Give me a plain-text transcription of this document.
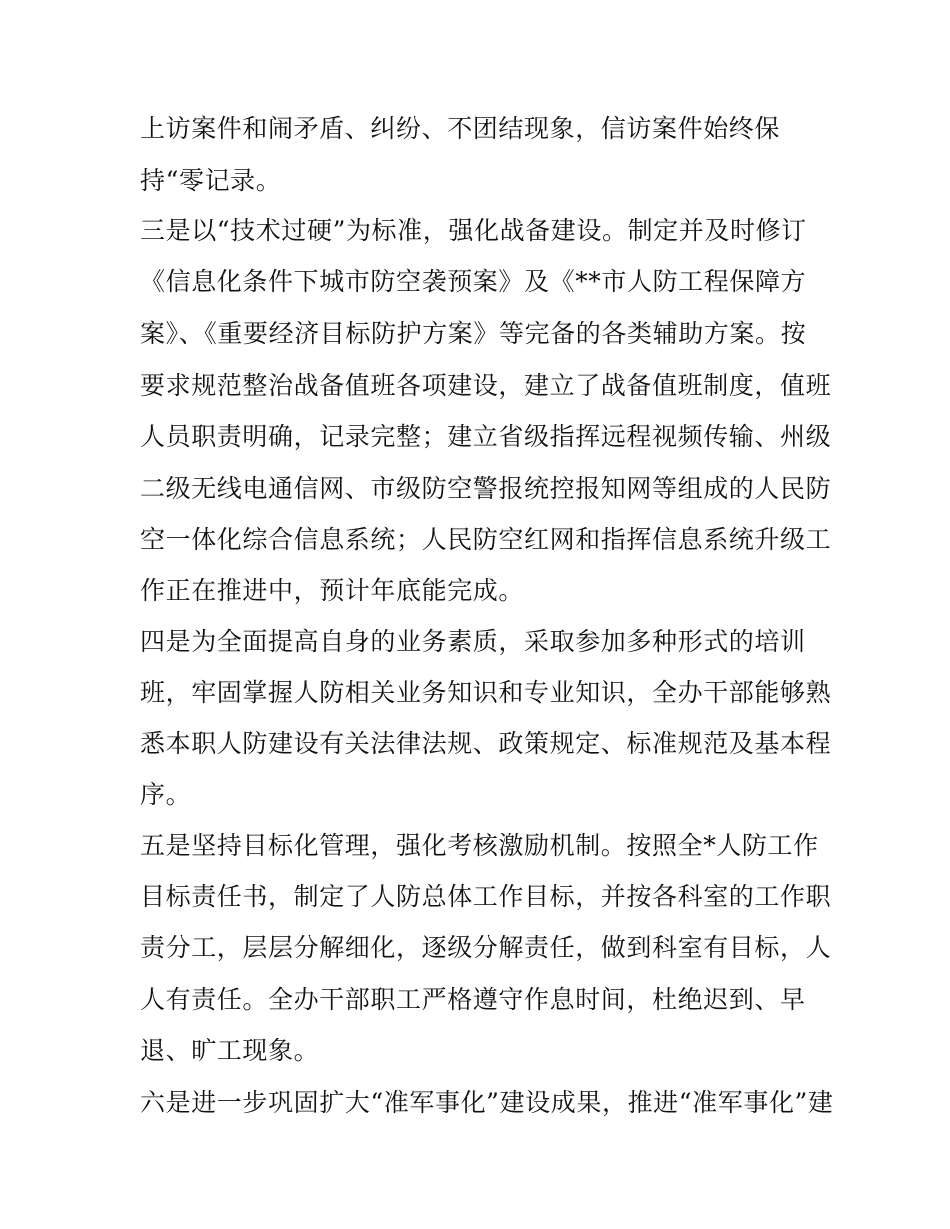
上访案件和闹矛盾、纠纷、不团结现象，信访案件始终保
持“零记录。
三是以“技术过硬”为标准，强化战备建设。制定并及时修订
《信息化条件下城市防空袭预案》及《**市人防工程保障方
案》、《重要经济目标防护方案》等完备的各类辅助方案。按
要求规范整治战备值班各项建设，建立了战备值班制度，值班
人员职责明确，记录完整；建立省级指挥远程视频传输、州级
二级无线电通信网、市级防空警报统控报知网等组成的人民防
空一体化综合信息系统；人民防空红网和指挥信息系统升级工
作正在推进中，预计年底能完成。
四是为全面提高自身的业务素质，采取参加多种形式的培训
班，牢固掌握人防相关业务知识和专业知识，全办干部能够熟
悉本职人防建设有关法律法规、政策规定、标准规范及基本程
序。
五是坚持目标化管理，强化考核激励机制。按照全*人防工作
目标责任书，制定了人防总体工作目标，并按各科室的工作职
责分工，层层分解细化，逐级分解责任，做到科室有目标，人
人有责任。全办干部职工严格遵守作息时间，杜绝迟到、早
退、旷工现象。
六是进一步巩固扩大“准军事化”建设成果，推进“准军事化”建
